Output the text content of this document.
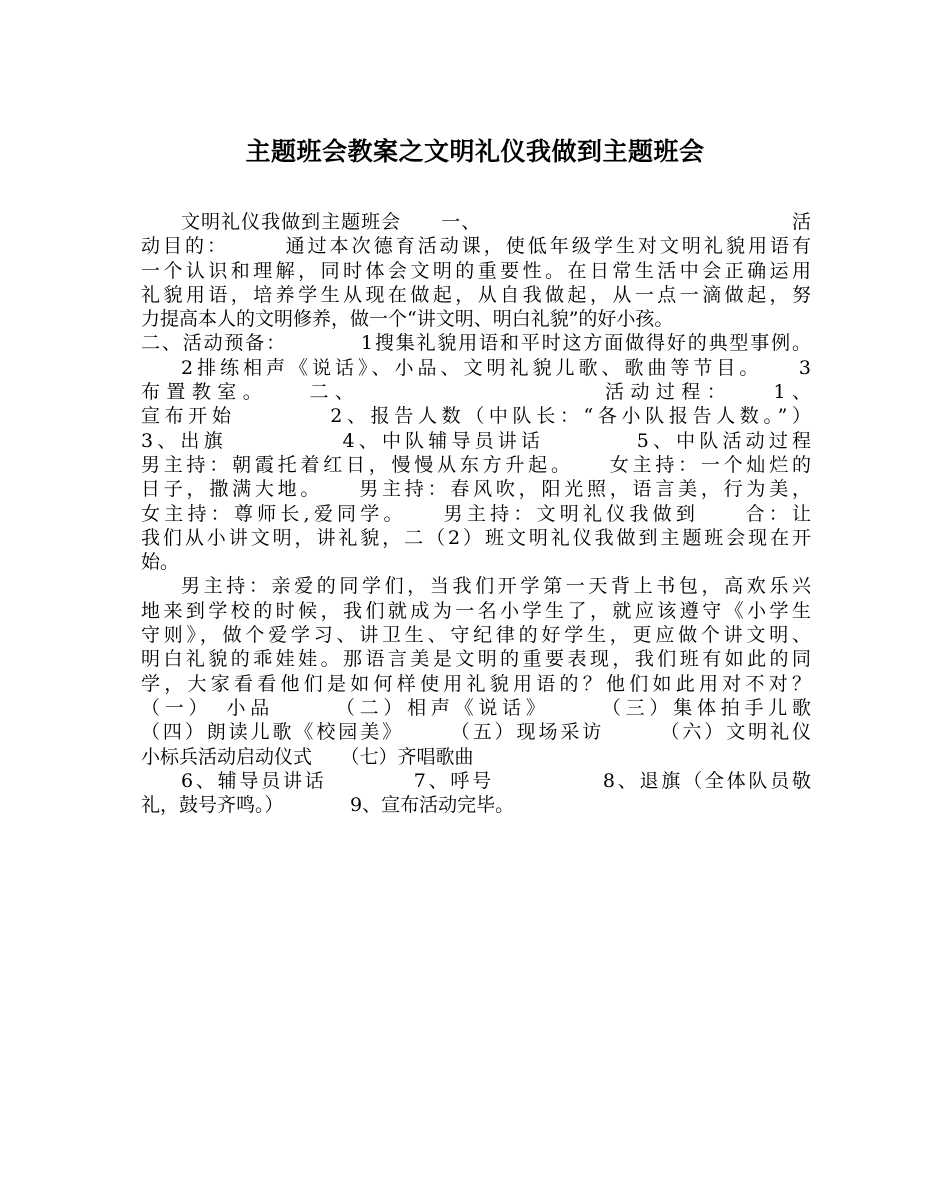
主题班会教案之文明礼仪我做到主题班会
文明礼仪我做到主题班会　　一、　　　　　　　　　　　　　　　　活
动目的：　　　通过本次德育活动课，使低年级学生对文明礼貌用语有
一个认识和理解，同时体会文明的重要性。在日常生活中会正确运用
礼貌用语，培养学生从现在做起，从自我做起，从一点一滴做起，努
力提高本人的文明修养，做一个“讲文明、明白礼貌”的好小孩。
二、活动预备：　　　　1搜集礼貌用语和平时这方面做得好的典型事例。
2排练相声《说话》、小品、文明礼貌儿歌、歌曲等节目。　　3
布置教室。　　二、　　　　　　　　　　活动过程：　　1、
宣布开始　　　　2、报告人数（中队长：“各小队报告人数。”）
3、出旗　　　　　4、中队辅导员讲话　　　　5、中队活动过程
男主持：朝霞托着红日，慢慢从东方升起。　　女主持：一个灿烂的
日子，撒满大地。　　男主持：春风吹，阳光照，语言美，行为美，
女主持：尊师长,爱同学。　　男主持：文明礼仪我做到　　合：让
我们从小讲文明，讲礼貌，二（2）班文明礼仪我做到主题班会现在开
始。
男主持：亲爱的同学们，当我们开学第一天背上书包，高欢乐兴
地来到学校的时候，我们就成为一名小学生了，就应该遵守《小学生
守则》，做个爱学习、讲卫生、守纪律的好学生，更应做个讲文明、
明白礼貌的乖娃娃。那语言美是文明的重要表现，我们班有如此的同
学，大家看看他们是如何样使用礼貌用语的？他们如此用对不对？
（一）　小品　　　（二）相声《说话》　　　（三）集体拍手儿歌
（四）朗读儿歌《校园美》　　　（五）现场采访　　　（六）文明礼仪
小标兵活动启动仪式　　（七）齐唱歌曲
6、辅导员讲话　　　　7、呼号　　　　　8、退旗（全体队员敬
礼，鼓号齐鸣。）　　　　9、宣布活动完毕。
